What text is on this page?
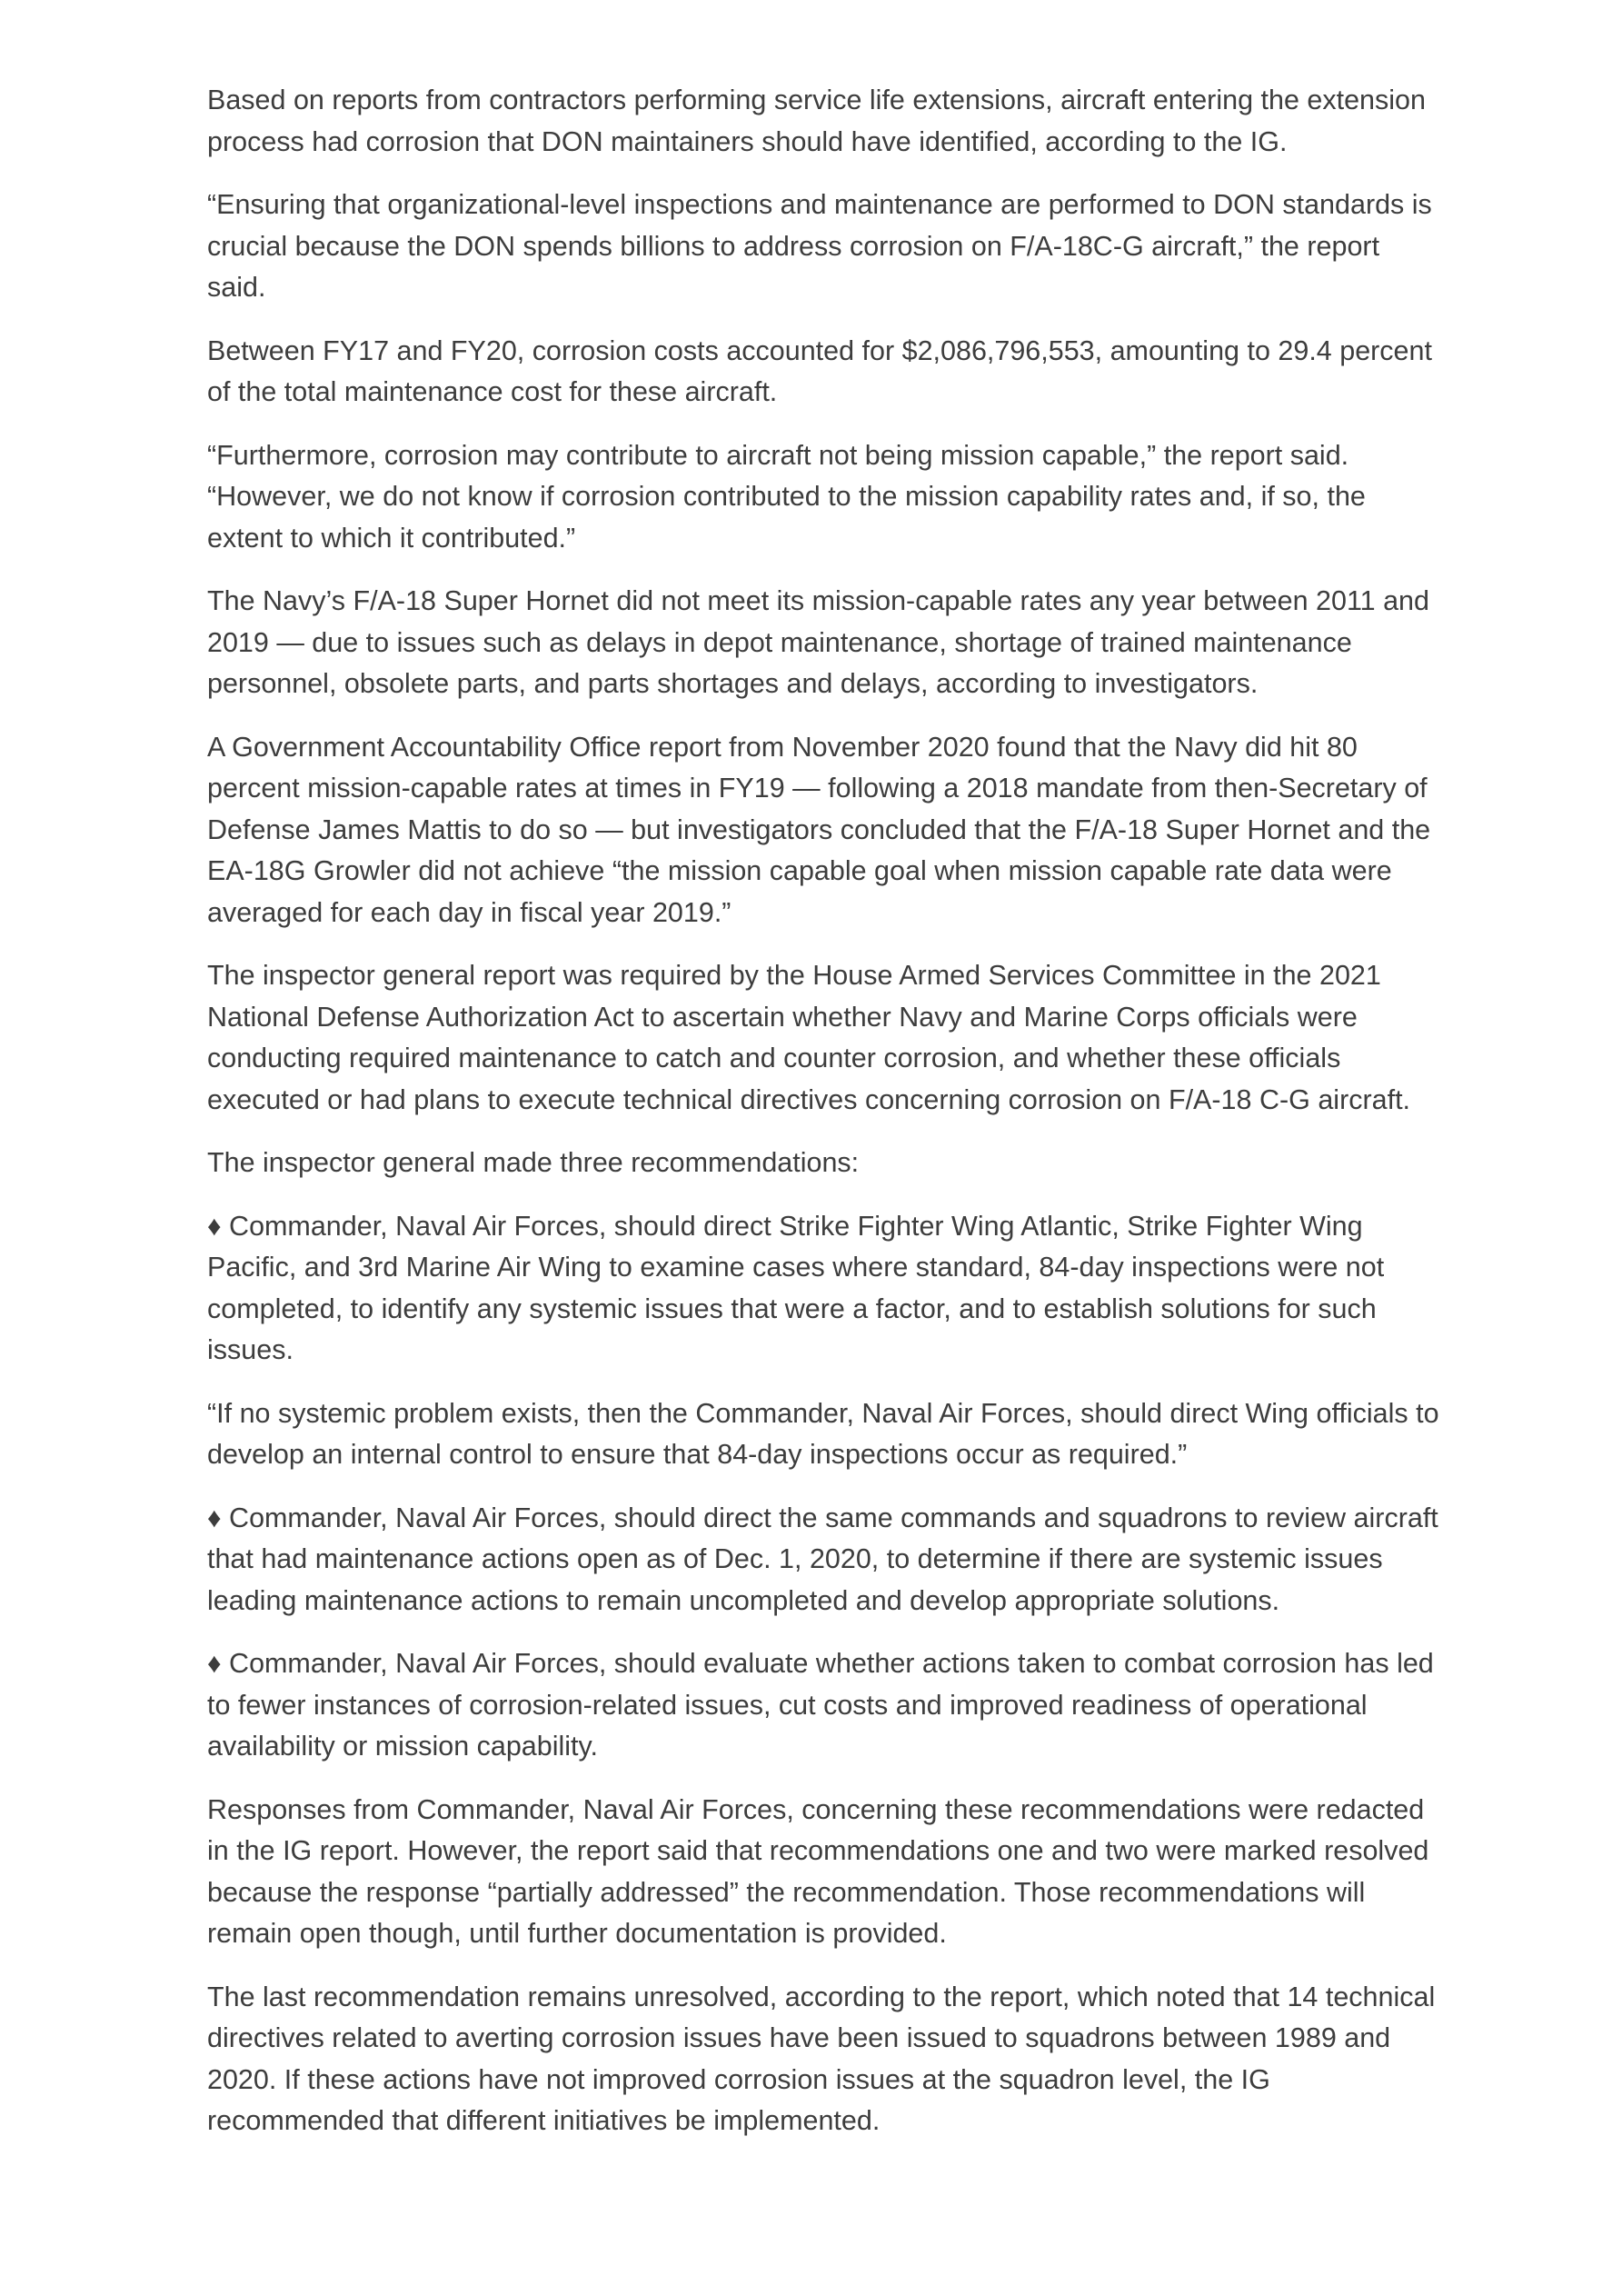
Based on reports from contractors performing service life extensions, aircraft entering the extension process had corrosion that DON maintainers should have identified, according to the IG.

“Ensuring that organizational-level inspections and maintenance are performed to DON standards is crucial because the DON spends billions to address corrosion on F/A-18C-G aircraft,” the report said.

Between FY17 and FY20, corrosion costs accounted for $2,086,796,553, amounting to 29.4 percent of the total maintenance cost for these aircraft.

“Furthermore, corrosion may contribute to aircraft not being mission capable,” the report said. “However, we do not know if corrosion contributed to the mission capability rates and, if so, the extent to which it contributed.”

The Navy’s F/A-18 Super Hornet did not meet its mission-capable rates any year between 2011 and 2019 — due to issues such as delays in depot maintenance, shortage of trained maintenance personnel, obsolete parts, and parts shortages and delays, according to investigators.

A Government Accountability Office report from November 2020 found that the Navy did hit 80 percent mission-capable rates at times in FY19 — following a 2018 mandate from then-Secretary of Defense James Mattis to do so — but investigators concluded that the F/A-18 Super Hornet and the EA-18G Growler did not achieve “the mission capable goal when mission capable rate data were averaged for each day in fiscal year 2019.”

The inspector general report was required by the House Armed Services Committee in the 2021 National Defense Authorization Act to ascertain whether Navy and Marine Corps officials were conducting required maintenance to catch and counter corrosion, and whether these officials executed or had plans to execute technical directives concerning corrosion on F/A-18 C-G aircraft.

The inspector general made three recommendations:

♦ Commander, Naval Air Forces, should direct Strike Fighter Wing Atlantic, Strike Fighter Wing Pacific, and 3rd Marine Air Wing to examine cases where standard, 84-day inspections were not completed, to identify any systemic issues that were a factor, and to establish solutions for such issues.

“If no systemic problem exists, then the Commander, Naval Air Forces, should direct Wing officials to develop an internal control to ensure that 84-day inspections occur as required.”

♦ Commander, Naval Air Forces, should direct the same commands and squadrons to review aircraft that had maintenance actions open as of Dec. 1, 2020, to determine if there are systemic issues leading maintenance actions to remain uncompleted and develop appropriate solutions.

♦ Commander, Naval Air Forces, should evaluate whether actions taken to combat corrosion has led to fewer instances of corrosion-related issues, cut costs and improved readiness of operational availability or mission capability.

Responses from Commander, Naval Air Forces, concerning these recommendations were redacted in the IG report. However, the report said that recommendations one and two were marked resolved because the response “partially addressed” the recommendation. Those recommendations will remain open though, until further documentation is provided.

The last recommendation remains unresolved, according to the report, which noted that 14 technical directives related to averting corrosion issues have been issued to squadrons between 1989 and 2020. If these actions have not improved corrosion issues at the squadron level, the IG recommended that different initiatives be implemented.
